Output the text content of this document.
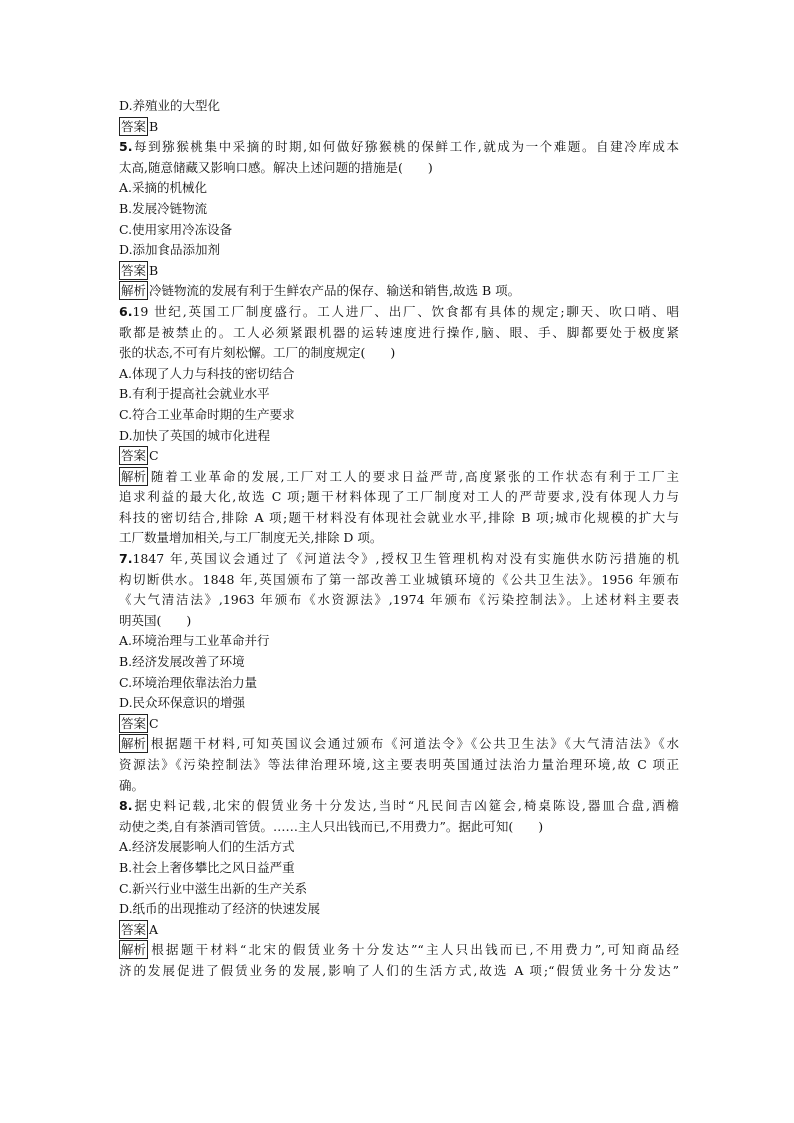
D.养殖业的大型化
答案 B
5.每到猕猴桃集中采摘的时期,如何做好猕猴桃的保鲜工作,就成为一个难题。自建冷库成本
太高,随意储藏又影响口感。解决上述问题的措施是(　　)
A.采摘的机械化
B.发展冷链物流
C.使用家用冷冻设备
D.添加食品添加剂
答案 B
解析 冷链物流的发展有利于生鲜农产品的保存、输送和销售,故选 B 项。
6.19 世纪,英国工厂制度盛行。工人进厂、出厂、饮食都有具体的规定;聊天、吹口哨、唱
歌都是被禁止的。工人必须紧跟机器的运转速度进行操作,脑、眼、手、脚都要处于极度紧
张的状态,不可有片刻松懈。工厂的制度规定(　　)
A.体现了人力与科技的密切结合
B.有利于提高社会就业水平
C.符合工业革命时期的生产要求
D.加快了英国的城市化进程
答案 C
解析 随着工业革命的发展,工厂对工人的要求日益严苛,高度紧张的工作状态有利于工厂主
追求利益的最大化,故选 C 项;题干材料体现了工厂制度对工人的严苛要求,没有体现人力与
科技的密切结合,排除 A 项;题干材料没有体现社会就业水平,排除 B 项;城市化规模的扩大与
工厂数量增加相关,与工厂制度无关,排除 D 项。
7.1847 年,英国议会通过了《河道法令》,授权卫生管理机构对没有实施供水防污措施的机
构切断供水。1848 年,英国颁布了第一部改善工业城镇环境的《公共卫生法》。1956 年颁布
《大气清洁法》,1963 年颁布《水资源法》,1974 年颁布《污染控制法》。上述材料主要表
明英国(　　)
A.环境治理与工业革命并行
B.经济发展改善了环境
C.环境治理依靠法治力量
D.民众环保意识的增强
答案 C
解析 根据题干材料,可知英国议会通过颁布《河道法令》《公共卫生法》《大气清洁法》《水
资源法》《污染控制法》等法律治理环境,这主要表明英国通过法治力量治理环境,故 C 项正
确。
8.据史料记载,北宋的假赁业务十分发达,当时“凡民间吉凶筵会,椅桌陈设,器皿合盘,酒檐
动使之类,自有茶酒司管赁。……主人只出钱而已,不用费力”。据此可知(　　)
A.经济发展影响人们的生活方式
B.社会上奢侈攀比之风日益严重
C.新兴行业中滋生出新的生产关系
D.纸币的出现推动了经济的快速发展
答案 A
解析 根据题干材料“北宋的假赁业务十分发达”“主人只出钱而已,不用费力”,可知商品经
济的发展促进了假赁业务的发展,影响了人们的生活方式,故选 A 项;“假赁业务十分发达”
